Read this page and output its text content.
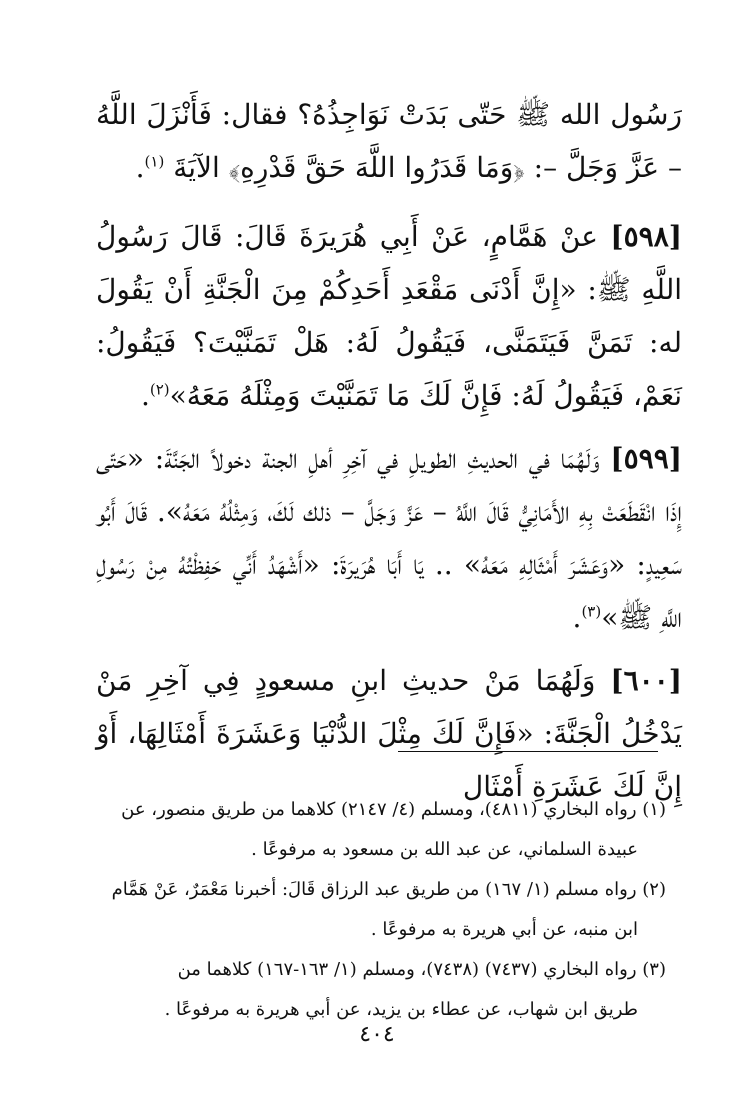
رَسُول الله ﷺ حَتّى بَدَتْ نَوَاجِذُهُ؟ فقال: فَأَنْزَلَ اللَّهُ – عَزَّ وَجَلَّ –: ﴿وَمَا قَدَرُوا اللَّهَ حَقَّ قَدْرِهِ﴾ الآيَةَ $^{(١)}$.

[٥٩٨] عنْ هَمَّامٍ، عَنْ أَبِي هُرَيرَةَ قَالَ: قَالَ رَسُولُ اللَّهِ ﷺ: «إِنَّ أَدْنَى مَقْعَدِ أَحَدِكُمْ مِنَ الْجَنَّةِ أَنْ يَقُولَ له: تَمَنَّ فَيَتَمَنَّى، فَيَقُولُ لَهُ: هَلْ تَمَنَّيْتَ؟ فَيَقُولُ: نَعَمْ، فَيَقُولُ لَهُ: فَإِنَّ لَكَ مَا تَمَنَّيْتَ وَمِثْلَهُ مَعَهُ»$^{(٢)}$.

[٥٩٩] وَلَهُمَا في الحديثِ الطويلِ في آخِرِ أهلِ الجنة دخولاً الجَنَّةَ: «حَتّى إِذَا انْقَطَعَتْ بِهِ الأَمَانِيُّ قَالَ اللَّهُ – عَزَّ وَجَلَّ – ذلك لَكَ، وَمِثْلُهُ مَعَهُ». قَالَ أَبُو سَعِيدٍ: «وَعَشَرَ أَمْثَالِهِ مَعَهُ» .. يَا أَبَا هُرَيرَةَ: «أَشْهَدُ أَنِّي حَفِظْتُهُ مِنْ رَسُولِ اللَّهِ ﷺ»$^{(٣)}$.

[٦٠٠] وَلَهُمَا مَنْ حديثِ ابنِ مسعودٍ فِي آخِرِ مَنْ يَدْخُلُ الْجَنَّةَ: «فَإِنَّ لَكَ مِثْلَ الدُّنْيَا وَعَشَرَةَ أَمْثَالِهَا، أَوْ إِنَّ لَكَ عَشَرَةِ أَمْثَال

(١) رواه البخاري (٤٨١١)، ومسلم (٤/ ٢١٤٧) كلاهما من طريق منصور، عن
عبيدة السلماني، عن عبد الله بن مسعود به مرفوعًا .

(٢) رواه مسلم (١/ ١٦٧) من طريق عبد الرزاق قَالَ: أخبرنا مَعْمَرٌ، عَنْ هَمَّام
ابن منبه، عن أبي هريرة به مرفوعًا .

(٣) رواه البخاري (٧٤٣٧) (٧٤٣٨)، ومسلم (١/ ١٦٣-١٦٧) كلاهما من
طريق ابن شهاب، عن عطاء بن يزيد، عن أبي هريرة به مرفوعًا .

٤٠٤
